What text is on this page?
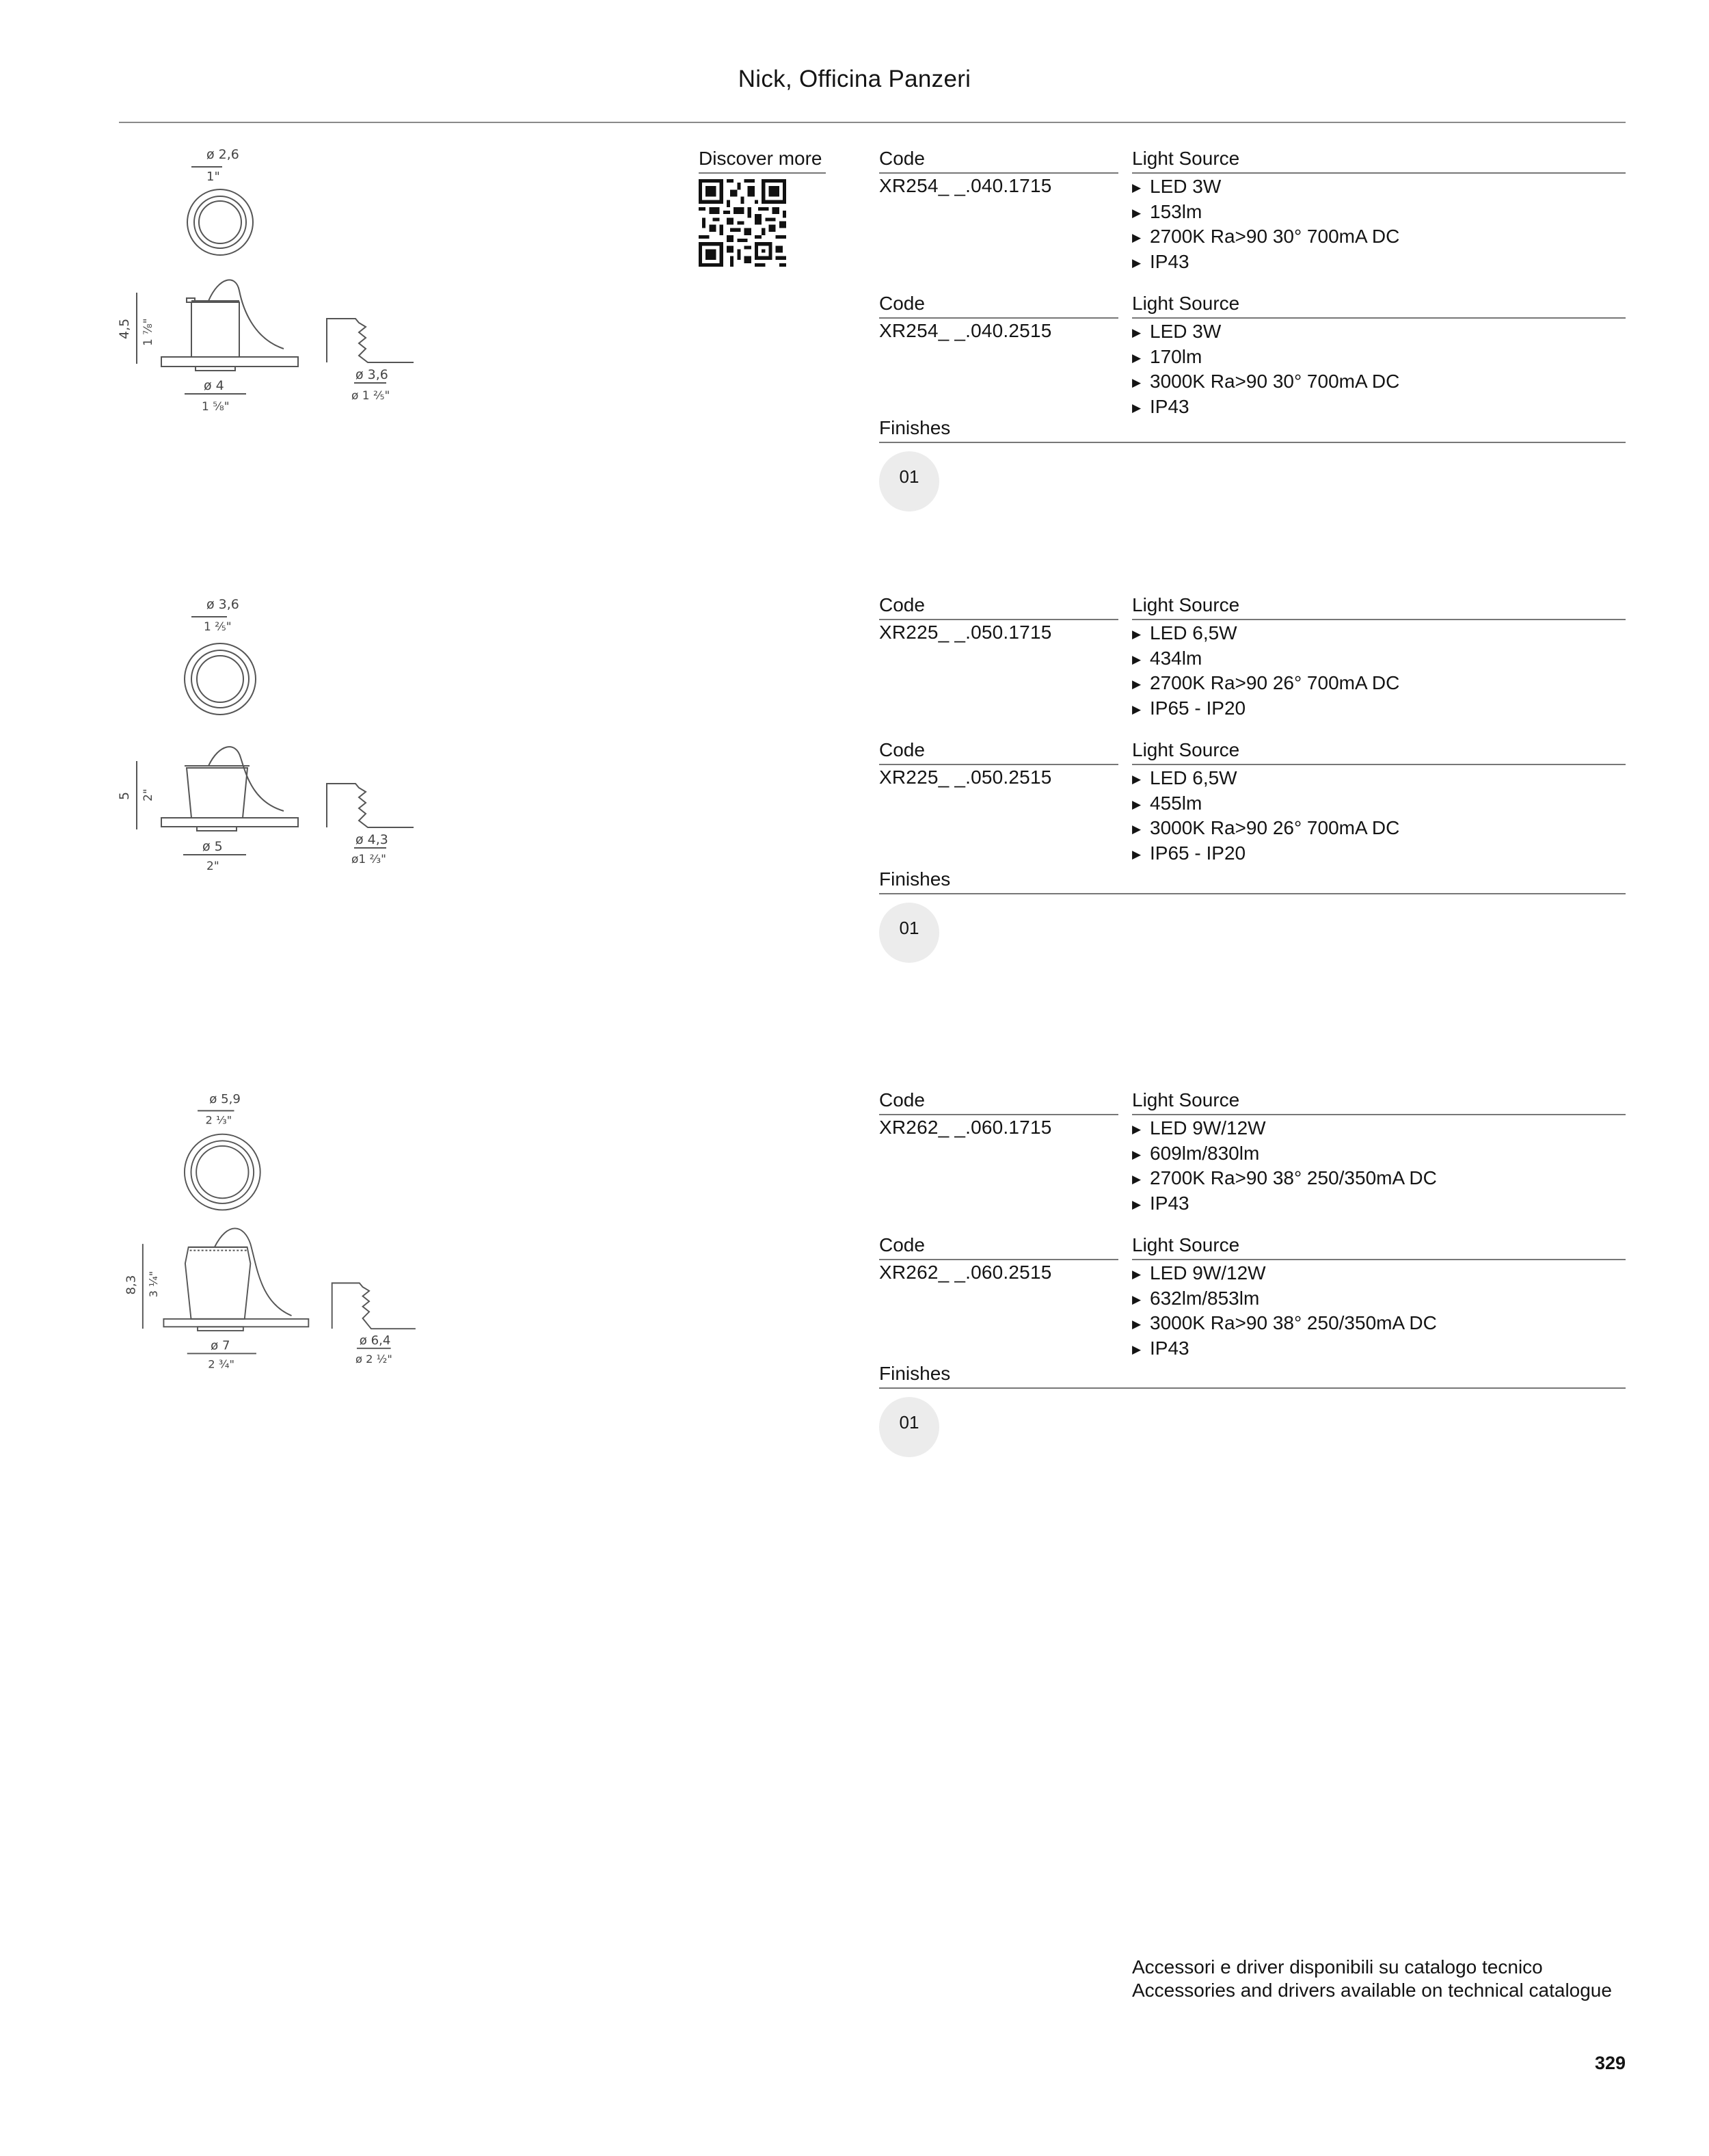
Nick, Officina Panzeri
Discover more
ø 2,6
1"
4,5 1 ⅞"
ø 4
1 ⅝"
ø 3,6
ø 1 ⅖"
Code	Light Source
XR254_ _.040.1715	▶ LED 3W
▶ 153lm
▶ 2700K Ra>90 30° 700mA DC
▶ IP43
Code	Light Source
XR254_ _.040.2515	▶ LED 3W
▶ 170lm
▶ 3000K Ra>90 30° 700mA DC
▶ IP43
Finishes
01
ø 3,6
1 ⅖"
5 2"
ø 5
2"
ø 4,3
ø1 ⅔"
Code	Light Source
XR225_ _.050.1715	▶ LED 6,5W
▶ 434lm
▶ 2700K Ra>90 26° 700mA DC
▶ IP65 - IP20
Code	Light Source
XR225_ _.050.2515	▶ LED 6,5W
▶ 455lm
▶ 3000K Ra>90 26° 700mA DC
▶ IP65 - IP20
Finishes
01
ø 5,9
2 ⅓"
8,3 3 ¼"
ø 7
2 ¾"
ø 6,4
ø 2 ½"
Code	Light Source
XR262_ _.060.1715	▶ LED 9W/12W
▶ 609lm/830lm
▶ 2700K Ra>90 38° 250/350mA DC
▶ IP43
Code	Light Source
XR262_ _.060.2515	▶ LED 9W/12W
▶ 632lm/853lm
▶ 3000K Ra>90 38° 250/350mA DC
▶ IP43
Finishes
01
Accessori e driver disponibili su catalogo tecnico
Accessories and drivers available on technical catalogue
329
